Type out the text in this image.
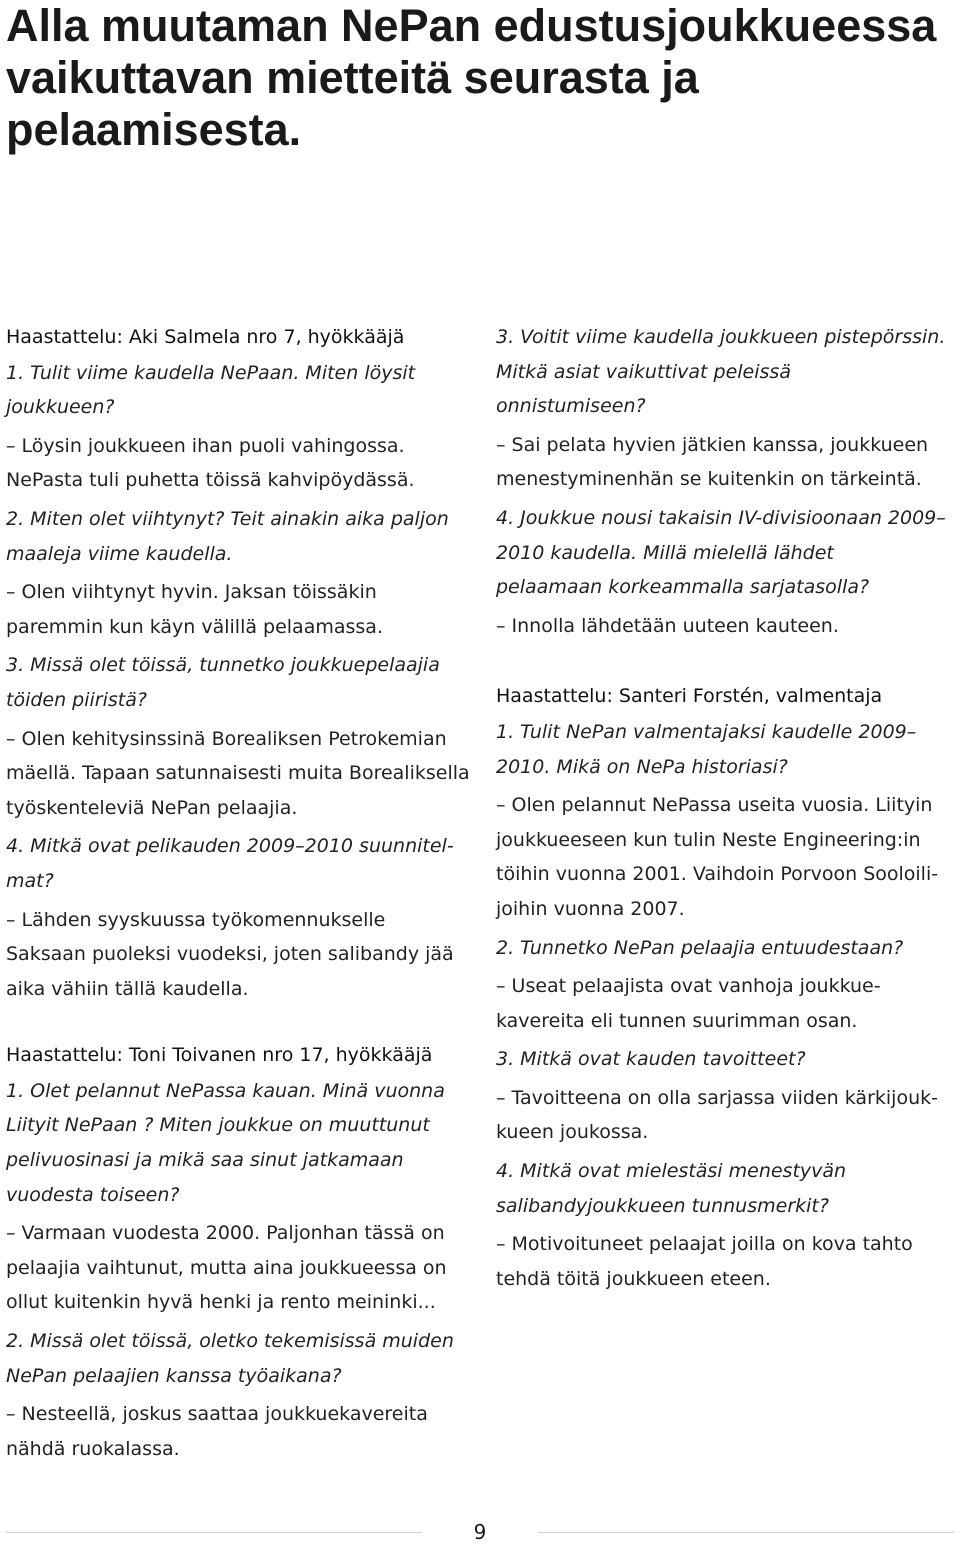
Alla muutaman NePan edustusjoukkueessa vaikuttavan mietteitä seurasta ja pelaamisesta.
Haastattelu: Aki Salmela nro 7, hyökkääjä
1. Tulit viime kaudella NePaan. Miten löysit joukkueen?
– Löysin joukkueen ihan puoli vahingossa. NePasta tuli puhetta töissä kahvipöydässä.
2. Miten olet viihtynyt? Teit ainakin aika paljon maaleja viime kaudella.
– Olen viihtynyt hyvin. Jaksan töissäkin paremmin kun käyn välillä pelaamassa.
3. Missä olet töissä, tunnetko joukkuepelaajia töiden piiristä?
– Olen kehitysinssinä Borealiksen Petrokemian mäellä. Tapaan satunnaisesti muita Borealiksella työskenteleviä NePan pelaajia.
4. Mitkä ovat pelikauden 2009–2010 suunnitelmat?
– Lähden syyskuussa työkomennukselle Saksaan puoleksi vuodeksi, joten salibandy jää aika vähiin tällä kaudella.
Haastattelu: Toni Toivanen nro 17, hyökkääjä
1. Olet pelannut NePassa kauan. Minä vuonna Liityit NePaan ? Miten joukkue on muuttunut pelivuosinasi ja mikä saa sinut jatkamaan vuodesta toiseen?
– Varmaan vuodesta 2000. Paljonhan tässä on pelaajia vaihtunut, mutta aina joukkueessa on ollut kuitenkin hyvä henki ja rento meininki...
2. Missä olet töissä, oletko tekemisissä muiden NePan pelaajien kanssa työaikana?
– Nesteellä, joskus saattaa joukkuekavereita nähdä ruokalassa.
3. Voitit viime kaudella joukkueen pistepörssin. Mitkä asiat vaikuttivat peleissä onnistumiseen?
– Sai pelata hyvien jätkien kanssa, joukkueen menestyminenhän se kuitenkin on tärkeintä.
4. Joukkue nousi takaisin IV-divisioonaan 2009–2010 kaudella. Millä mielellä lähdet pelaamaan korkeammalla sarjatasolla?
– Innolla lähdetään uuteen kauteen.
Haastattelu: Santeri Forstén, valmentaja
1. Tulit NePan valmentajaksi kaudelle 2009–2010. Mikä on NePa historiasi?
– Olen pelannut NePassa useita vuosia. Liityin joukkueeseen kun tulin Neste Engineering:in töihin vuonna 2001. Vaihdoin Porvoon Sooloilijoihin vuonna 2007.
2. Tunnetko NePan pelaajia entuudestaan?
– Useat pelaajista ovat vanhoja joukkuekavereita eli tunnen suurimman osan.
3. Mitkä ovat kauden tavoitteet?
– Tavoitteena on olla sarjassa viiden kärkijoukkueen joukossa.
4. Mitkä ovat mielestäsi menestyvän salibandyjoukkueen tunnusmerkit?
– Motivoituneet pelaajat joilla on kova tahto tehdä töitä joukkueen eteen.
9
